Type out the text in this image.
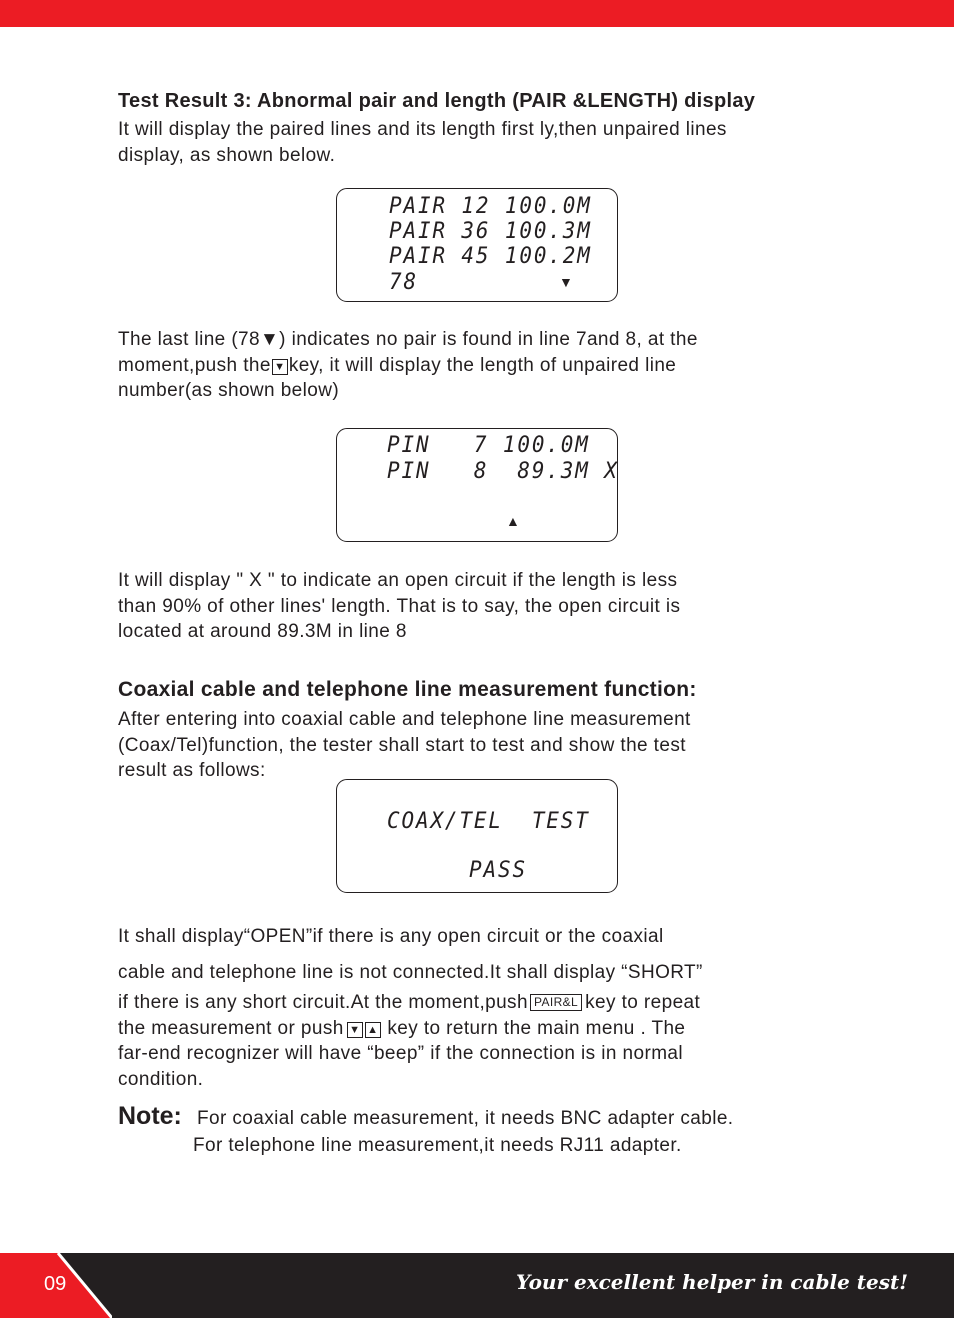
Test Result 3: Abnormal pair and length (PAIR &LENGTH) display
It will display the paired lines and its length first ly,then unpaired lines
display, as shown below.
PAIR 12 100.0M
PAIR 36 100.3M
PAIR 45 100.2M
78	▼
The last line (78▼) indicates no pair is found in line 7and 8, at the
moment,push the ▼ key, it will display the length of unpaired line
number(as shown below)
PIN   7 100.0M
PIN   8  89.3M X
▲
It will display " X " to indicate an open circuit if the length is less
than 90% of other lines' length. That is to say, the open circuit is
located at around 89.3M in line 8
Coaxial cable and telephone line measurement function:
After entering into coaxial cable and telephone line measurement
(Coax/Tel)function, the tester shall start to test and show the test
result as follows:
COAX/TEL  TEST
PASS
It shall display“OPEN”if there is any open circuit or the coaxial
cable and telephone line is not connected.It shall display “SHORT”
if there is any short circuit.At the moment,push PAIR&L key to repeat
the measurement or push ▼ ▲ key to return the main menu . The
far-end recognizer will have “beep” if the connection is in normal
condition.
Note: For coaxial cable measurement, it needs BNC adapter cable.
For telephone line measurement,it needs RJ11 adapter.
09	Your excellent helper in cable test!
